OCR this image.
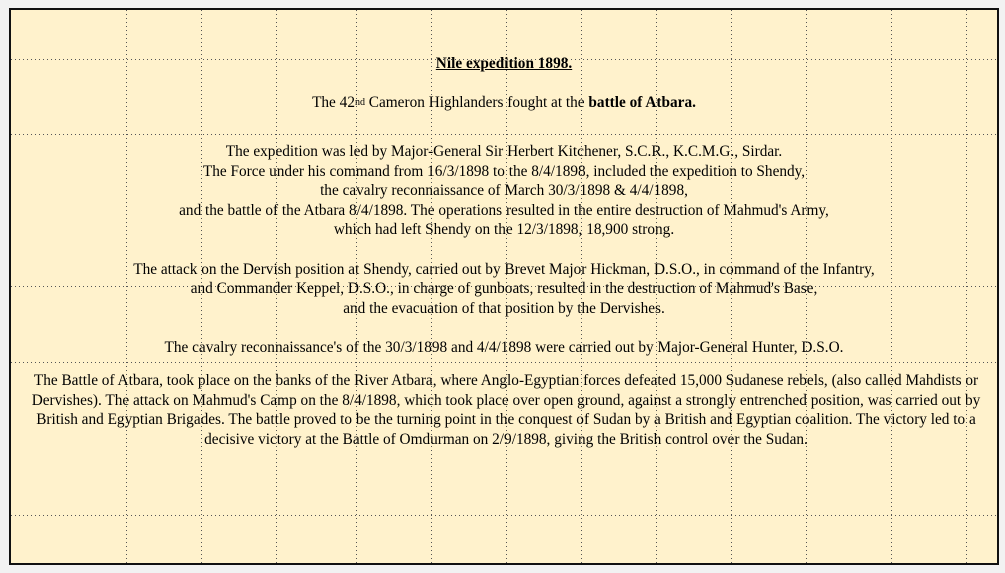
Nile expedition 1898.
The 42nd Cameron Highlanders fought at the battle of Atbara.
The expedition was led by Major-General Sir Herbert Kitchener, S.C.R., K.C.M.G., Sirdar.
The Force under his command from 16/3/1898 to the 8/4/1898, included the expedition to Shendy,
the cavalry reconnaissance of March 30/3/1898 & 4/4/1898,
and the battle of the Atbara 8/4/1898. The operations resulted in the entire destruction of Mahmud's Army,
which had left Shendy on the 12/3/1898, 18,900 strong.
The attack on the Dervish position at Shendy, carried out by Brevet Major Hickman, D.S.O., in command of the Infantry,
and Commander Keppel, D.S.O., in charge of gunboats, resulted in the destruction of Mahmud's Base,
and the evacuation of that position by the Dervishes.
The cavalry reconnaissance's of the 30/3/1898 and 4/4/1898 were carried out by Major-General Hunter, D.S.O.
The Battle of Atbara, took place on the banks of the River Atbara, where Anglo-Egyptian forces defeated 15,000 Sudanese rebels, (also called Mahdists or Dervishes). The attack on Mahmud's Camp on the 8/4/1898, which took place over open ground, against a strongly entrenched position, was carried out by British and Egyptian Brigades. The battle proved to be the turning point in the conquest of Sudan by a British and Egyptian coalition. The victory led to a decisive victory at the Battle of Omdurman on 2/9/1898, giving the British control over the Sudan.
